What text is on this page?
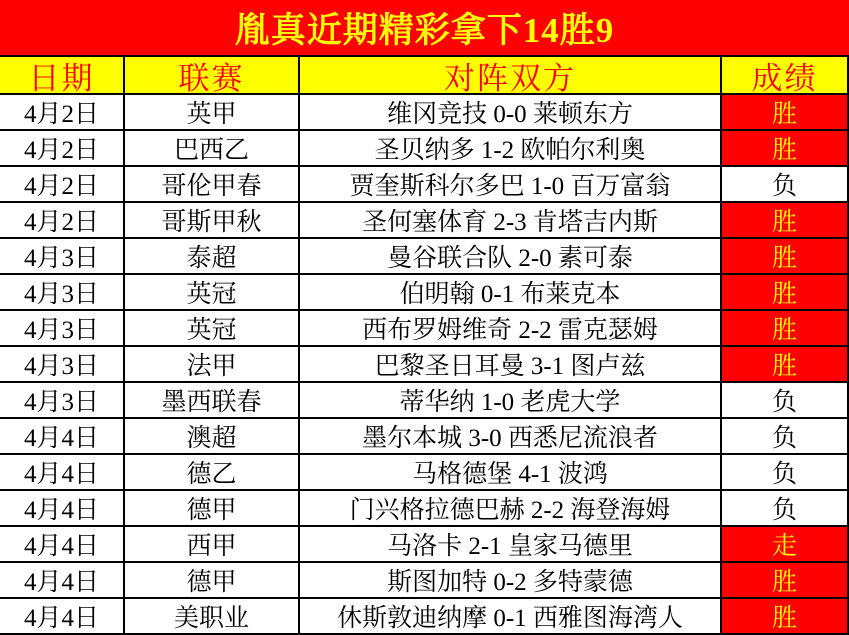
胤真近期精彩拿下14胜9
日期	联赛	对阵双方	成绩
4月2日	英甲	维冈竞技 0-0 莱顿东方	胜
4月2日	巴西乙	圣贝纳多 1-2 欧帕尔利奥	胜
4月2日	哥伦甲春	贾奎斯科尔多巴 1-0 百万富翁	负
4月2日	哥斯甲秋	圣何塞体育 2-3 肯塔吉内斯	胜
4月3日	泰超	曼谷联合队 2-0 素可泰	胜
4月3日	英冠	伯明翰 0-1 布莱克本	胜
4月3日	英冠	西布罗姆维奇 2-2 雷克瑟姆	胜
4月3日	法甲	巴黎圣日耳曼 3-1 图卢兹	胜
4月3日	墨西联春	蒂华纳 1-0 老虎大学	负
4月4日	澳超	墨尔本城 3-0 西悉尼流浪者	负
4月4日	德乙	马格德堡 4-1 波鸿	负
4月4日	德甲	门兴格拉德巴赫 2-2 海登海姆	负
4月4日	西甲	马洛卡 2-1 皇家马德里	走
4月4日	德甲	斯图加特 0-2 多特蒙德	胜
4月4日	美职业	休斯敦迪纳摩 0-1 西雅图海湾人	胜
